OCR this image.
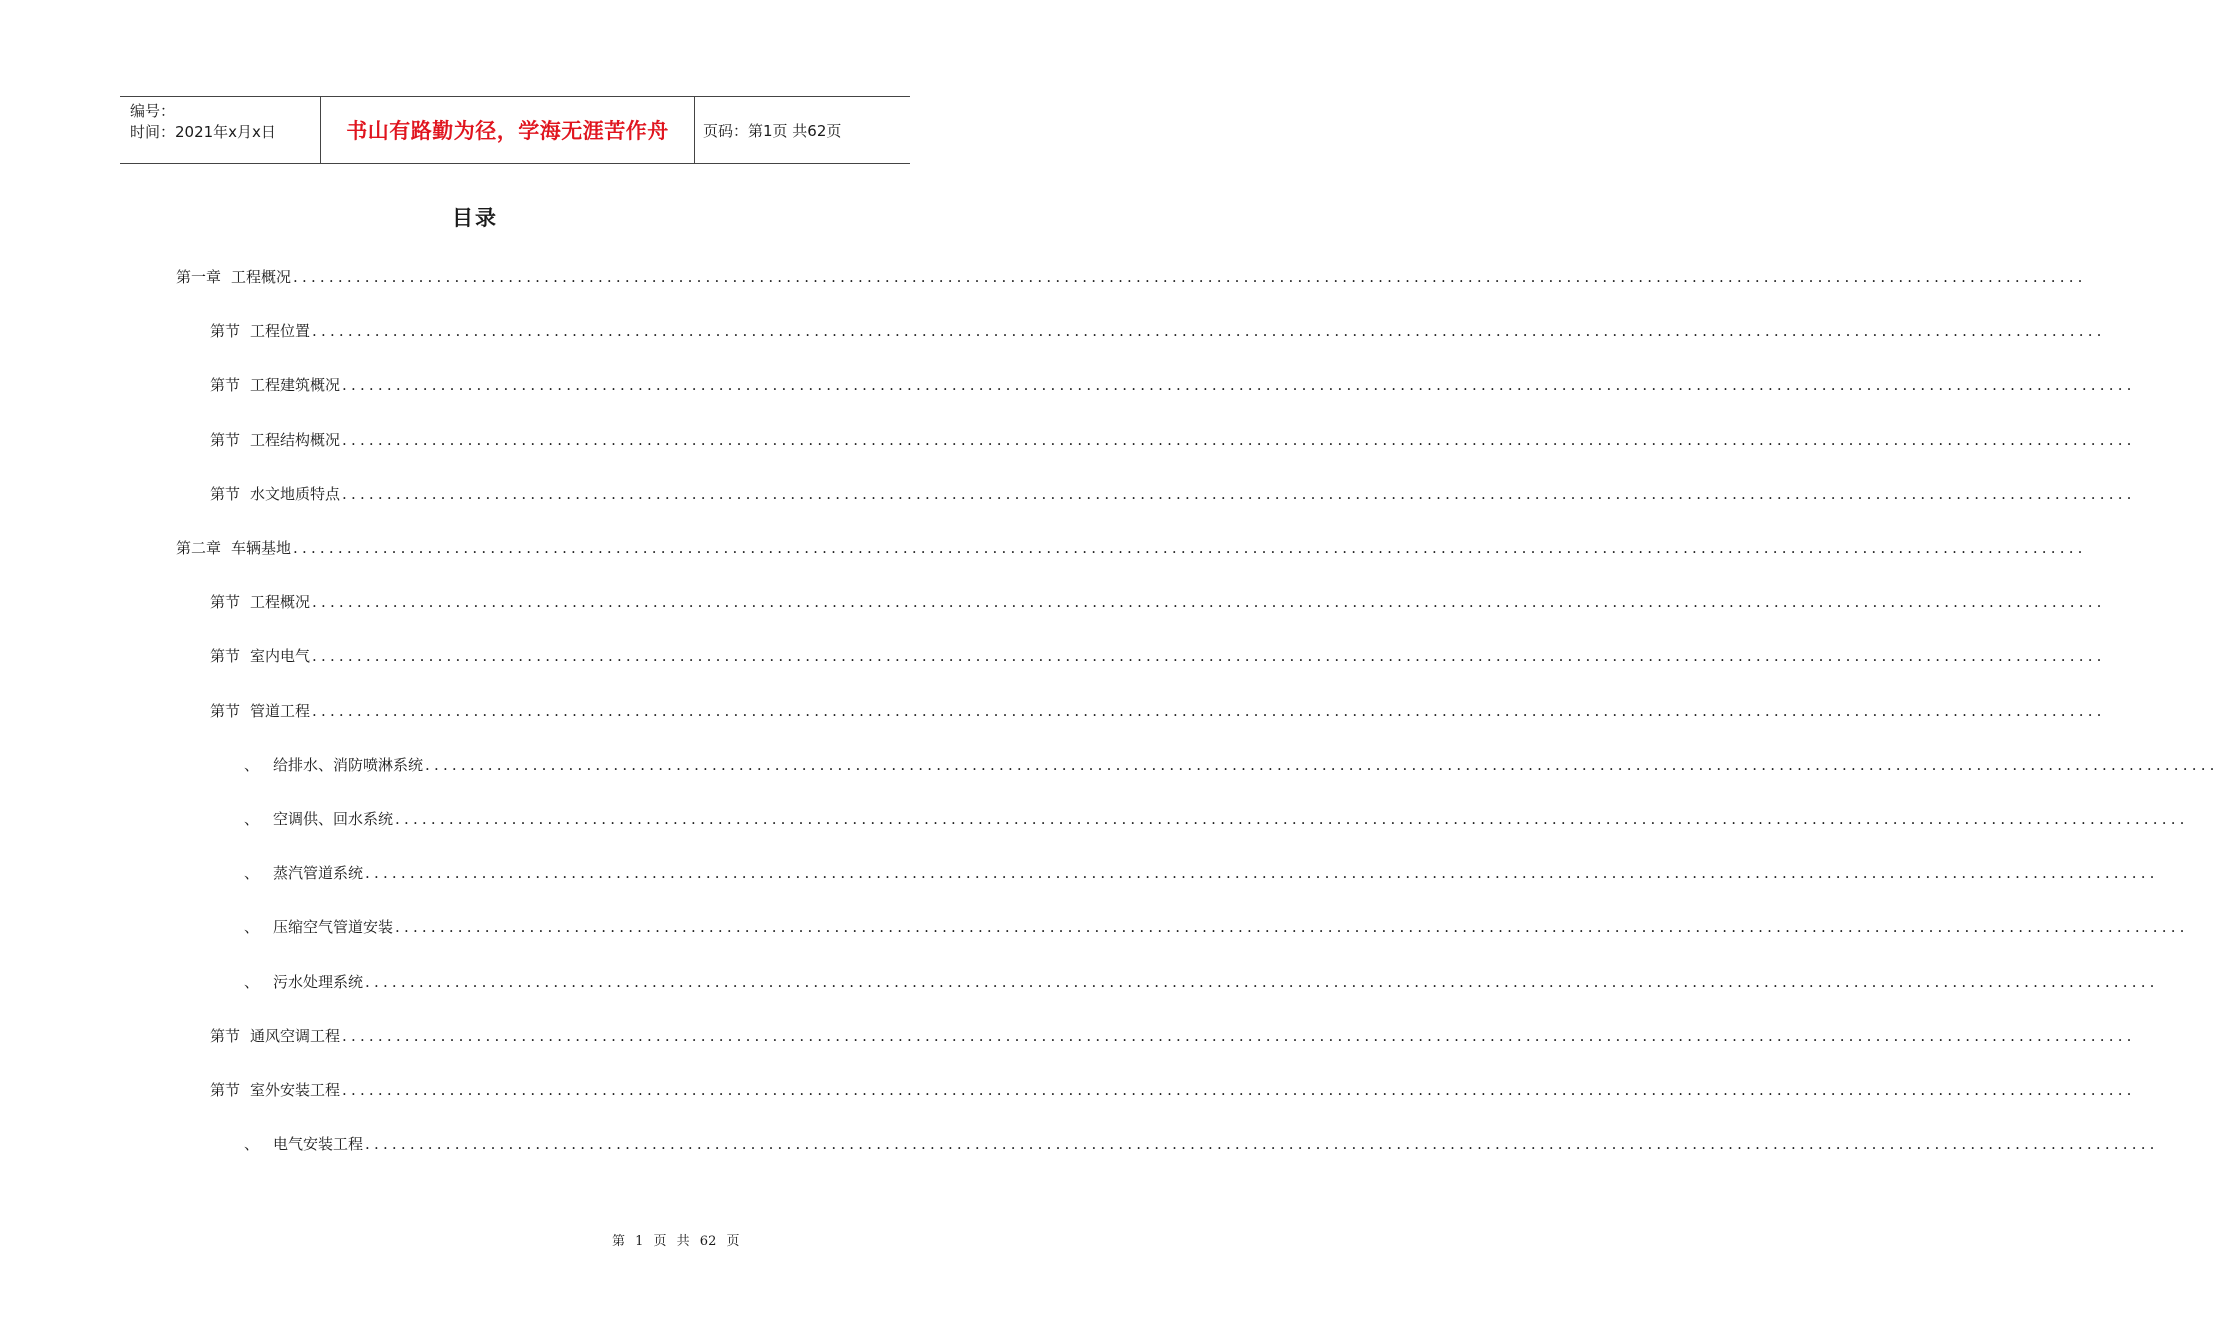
编号：
时间：2021年x月x日	书山有路勤为径，学海无涯苦作舟	页码：第1页 共62页
目录
第一章 工程概况 ........................................................................................................................................................................................................
第节 工程位置 ........................................................................................................................................................................................................
第节 工程建筑概况 ........................................................................................................................................................................................................
第节 工程结构概况 ........................................................................................................................................................................................................
第节 水文地质特点 ........................................................................................................................................................................................................
第二章 车辆基地 ........................................................................................................................................................................................................
第节 工程概况 ........................................................................................................................................................................................................
第节 室内电气 ........................................................................................................................................................................................................
第节 管道工程 ........................................................................................................................................................................................................
、 给排水、消防喷淋系统 ........................................................................................................................................................................................................
、 空调供、回水系统 ........................................................................................................................................................................................................
、 蒸汽管道系统 ........................................................................................................................................................................................................
、 压缩空气管道安装 ........................................................................................................................................................................................................
、 污水处理系统 ........................................................................................................................................................................................................
第节 通风空调工程 ........................................................................................................................................................................................................
第节 室外安装工程 ........................................................................................................................................................................................................
、 电气安装工程 ........................................................................................................................................................................................................
第 1 页 共 62 页
